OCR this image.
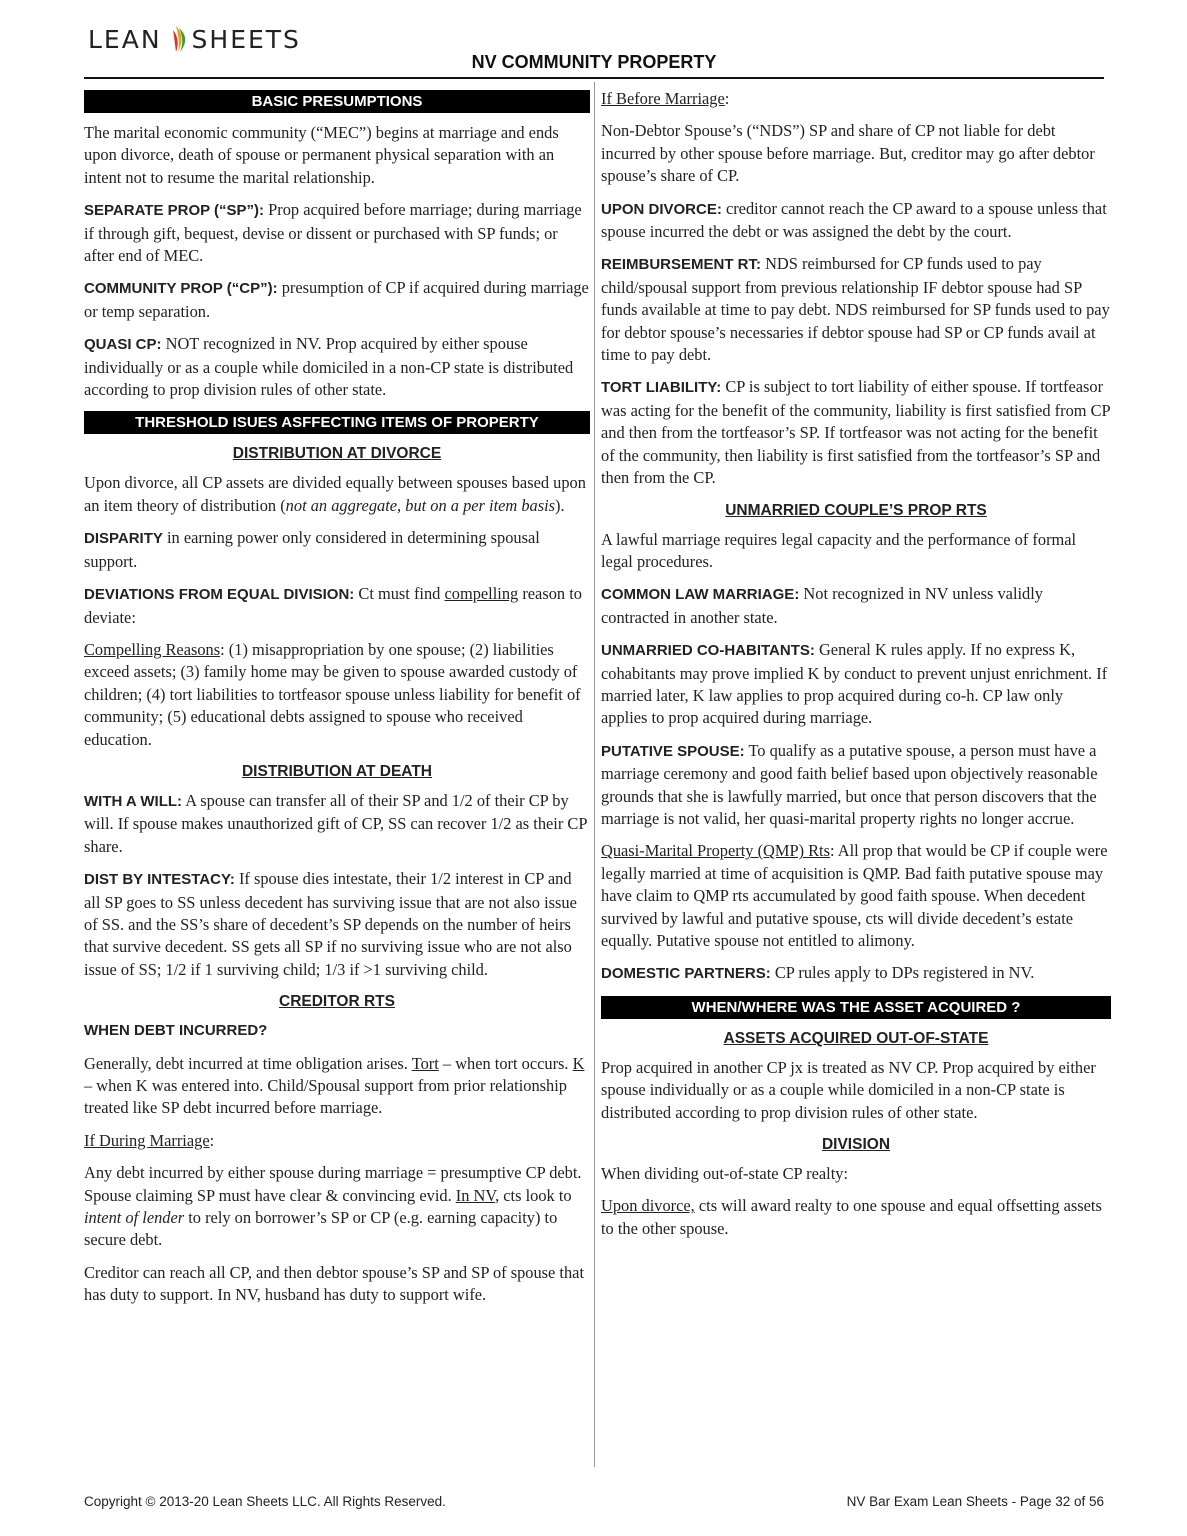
LEAN SHEETS
NV COMMUNITY PROPERTY
BASIC PRESUMPTIONS

The marital economic community (“MEC”) begins at marriage and ends upon divorce, death of spouse or permanent physical separation with an intent not to resume the marital relationship.

SEPARATE PROP (“SP”): Prop acquired before marriage; during marriage if through gift, bequest, devise or dissent or purchased with SP funds; or after end of MEC.

COMMUNITY PROP (“CP”): presumption of CP if acquired during marriage or temp separation.

QUASI CP: NOT recognized in NV. Prop acquired by either spouse individually or as a couple while domiciled in a non-CP state is distributed according to prop division rules of other state.

THRESHOLD ISUES ASFFECTING ITEMS OF PROPERTY
DISTRIBUTION AT DIVORCE

Upon divorce, all CP assets are divided equally between spouses based upon an item theory of distribution (not an aggregate, but on a per item basis).

DISPARITY in earning power only considered in determining spousal support.

DEVIATIONS FROM EQUAL DIVISION: Ct must find compelling reason to deviate:

Compelling Reasons: (1) misappropriation by one spouse; (2) liabilities exceed assets; (3) family home may be given to spouse awarded custody of children; (4) tort liabilities to tortfeasor spouse unless liability for benefit of community; (5) educational debts assigned to spouse who received education.

DISTRIBUTION AT DEATH

WITH A WILL: A spouse can transfer all of their SP and 1/2 of their CP by will. If spouse makes unauthorized gift of CP, SS can recover 1/2 as their CP share.

DIST BY INTESTACY: If spouse dies intestate, their 1/2 interest in CP and all SP goes to SS unless decedent has surviving issue that are not also issue of SS. and the SS’s share of decedent’s SP depends on the number of heirs that survive decedent. SS gets all SP if no surviving issue who are not also issue of SS; 1/2 if 1 surviving child; 1/3 if >1 surviving child.

CREDITOR RTS
WHEN DEBT INCURRED?

Generally, debt incurred at time obligation arises. Tort – when tort occurs. K – when K was entered into. Child/Spousal support from prior relationship treated like SP debt incurred before marriage.

If During Marriage:

Any debt incurred by either spouse during marriage = presumptive CP debt. Spouse claiming SP must have clear & convincing evid. In NV, cts look to intent of lender to rely on borrower’s SP or CP (e.g. earning capacity) to secure debt.

Creditor can reach all CP, and then debtor spouse’s SP and SP of spouse that has duty to support. In NV, husband has duty to support wife.

If Before Marriage:

Non-Debtor Spouse’s (“NDS”) SP and share of CP not liable for debt incurred by other spouse before marriage. But, creditor may go after debtor spouse’s share of CP.

UPON DIVORCE: creditor cannot reach the CP award to a spouse unless that spouse incurred the debt or was assigned the debt by the court.

REIMBURSEMENT RT: NDS reimbursed for CP funds used to pay child/spousal support from previous relationship IF debtor spouse had SP funds available at time to pay debt. NDS reimbursed for SP funds used to pay for debtor spouse’s necessaries if debtor spouse had SP or CP funds avail at time to pay debt.

TORT LIABILITY: CP is subject to tort liability of either spouse. If tortfeasor was acting for the benefit of the community, liability is first satisfied from CP and then from the tortfeasor’s SP. If tortfeasor was not acting for the benefit of the community, then liability is first satisfied from the tortfeasor’s SP and then from the CP.

UNMARRIED COUPLE’S PROP RTS

A lawful marriage requires legal capacity and the performance of formal legal procedures.

COMMON LAW MARRIAGE: Not recognized in NV unless validly contracted in another state.

UNMARRIED CO-HABITANTS: General K rules apply. If no express K, cohabitants may prove implied K by conduct to prevent unjust enrichment. If married later, K law applies to prop acquired during co-h. CP law only applies to prop acquired during marriage.

PUTATIVE SPOUSE: To qualify as a putative spouse, a person must have a marriage ceremony and good faith belief based upon objectively reasonable grounds that she is lawfully married, but once that person discovers that the marriage is not valid, her quasi-marital property rights no longer accrue.

Quasi-Marital Property (QMP) Rts: All prop that would be CP if couple were legally married at time of acquisition is QMP. Bad faith putative spouse may have claim to QMP rts accumulated by good faith spouse. When decedent survived by lawful and putative spouse, cts will divide decedent’s estate equally. Putative spouse not entitled to alimony.

DOMESTIC PARTNERS: CP rules apply to DPs registered in NV.

WHEN/WHERE WAS THE ASSET ACQUIRED ?
ASSETS ACQUIRED OUT-OF-STATE

Prop acquired in another CP jx is treated as NV CP. Prop acquired by either spouse individually or as a couple while domiciled in a non-CP state is distributed according to prop division rules of other state.

DIVISION

When dividing out-of-state CP realty:

Upon divorce, cts will award realty to one spouse and equal offsetting assets to the other spouse.

Copyright © 2013-20 Lean Sheets LLC. All Rights Reserved.	NV Bar Exam Lean Sheets - Page 32 of 56
